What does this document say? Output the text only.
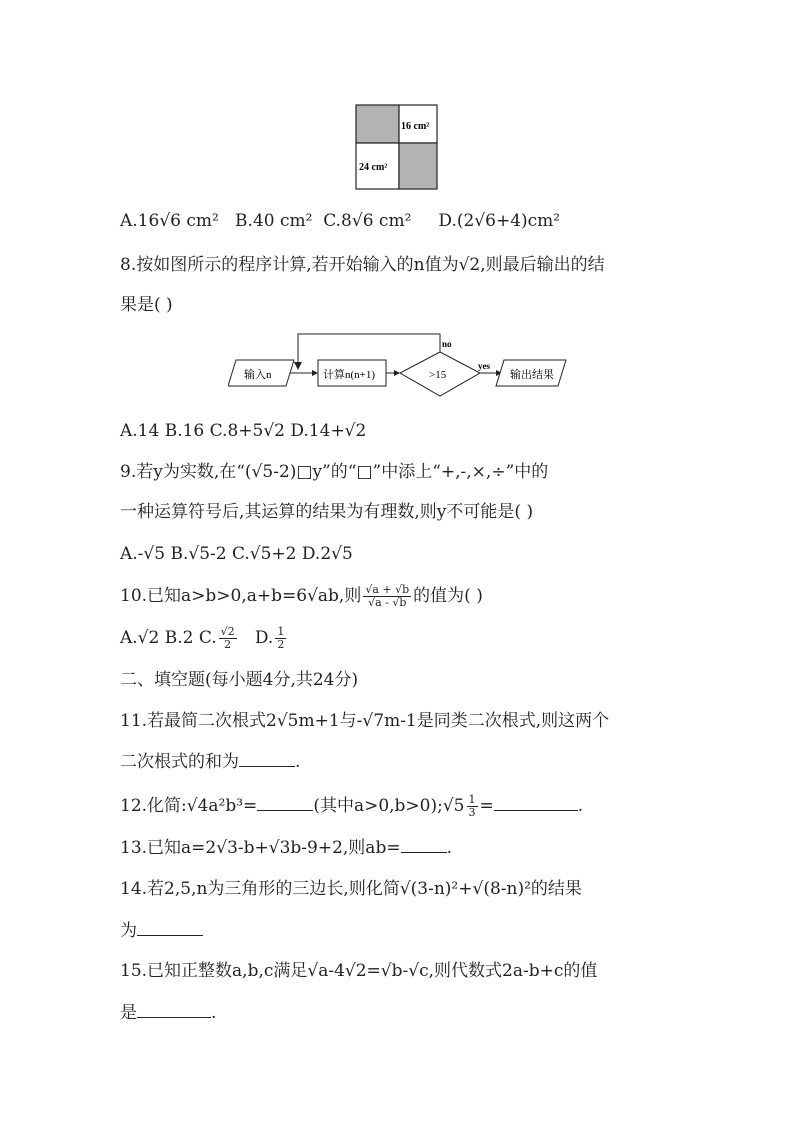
16 cm²
24 cm²
A.16√6 cm² B.40 cm² C.8√6 cm² D.(2√6+4)cm²
8.按如图所示的程序计算,若开始输入的n值为√2,则最后输出的结
果是( )
no
输入n	计算n(n+1)	>15
yes
输出结果
A.14 B.16 C.8+5√2 D.14+√2
9.若y为实数,在“(√5-2)□y”的“□”中添上“+,-,×,÷”中的
一种运算符号后,其运算的结果为有理数,则y不可能是( )
A.-√5 B.√5-2 C.√5+2 D.2√5
10.已知a>b>0,a+b=6√ab,则 $\frac{√a + √b}{√a - √b}$ 的值为( )
A.√2 B.2 C. $\frac{√2}{2} D$. $\frac{1}{2}$
二、填空题(每小题4分,共24分)
11.若最简二次根式2√5m+1与-√7m-1是同类二次根式,则这两个
二次根式的和为	.
12.化简:√4a²b³=	(其中a>0,b>0);√5 $\frac{1}{3}$ =	.
13.已知a=2√3-b+√3b-9+2,则ab=	.
14.若2,5,n为三角形的三边长,则化简√(3-n)²+√(8-n)²的结果
为
15.已知正整数a,b,c满足√a-4√2=√b-√c,则代数式2a-b+c的值
是	.
